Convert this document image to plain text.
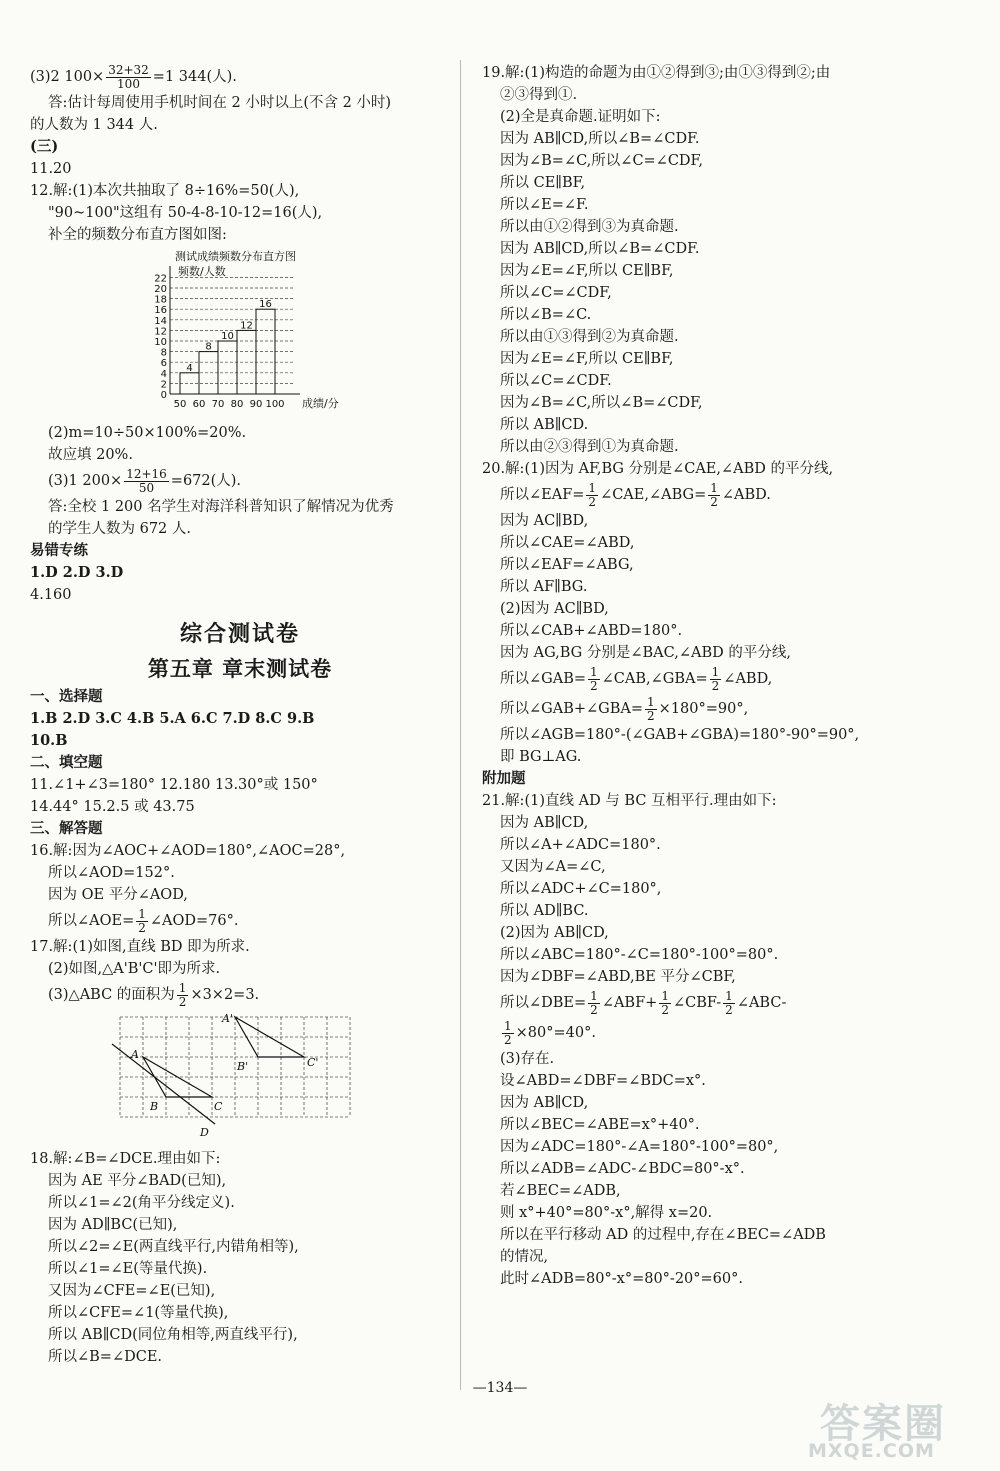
(3)2 $100\times \frac{32+32}{100} =1$ 344(人).
答:估计每周使用手机时间在 2 小时以上(不含 2 小时)
的人数为 1 344 人.
(三)
11.20
12.解:(1)本次共抽取了 8÷16%=50(人),
"90~100"这组有 50-4-8-10-12=16(人),
补全的频数分布直方图如图:
测试成绩频数分布直方图
频数/人数
0
2
4
6
8
10
12
14
16
18
20
22
4
8
10
12
16
50 60 70 80 90 100 成绩/分
(2)m=10÷50×100%=20%.
故应填 20%.
(3)1 $200\times \frac{12+16}{50} =672$(人).
答:全校 1 200 名学生对海洋科普知识了解情况为优秀
的学生人数为 672 人.
易错专练
1.D 2.D 3.D
4.160
综合测试卷
第五章 章末测试卷
一、选择题
1.B 2.D 3.C 4.B 5.A 6.C 7.D 8.C 9.B
10.B
二、填空题
11.∠1+∠3=180° 12.180 13.30°或 150°
14.44° 15.2.5 或 43.75
三、解答题
16.解:因为∠AOC+∠AOD=180°,∠AOC=28°,
所以∠AOD=152°.
因为 OE 平分∠AOD,
所以∠AOE= $\frac{1}{2}$ ∠AOD=76°.
17.解:(1)如图,直线 BD 即为所求.
(2)如图,△A'B'C'即为所求.
(3)△ABC 的面积为 $\frac{1}{2} \times 3\times 2=3$.
A
B	C
D
A'
B'	C'
18.解:∠B=∠DCE.理由如下:
因为 AE 平分∠BAD(已知),
所以∠1=∠2(角平分线定义).
因为 AD∥BC(已知),
所以∠2=∠E(两直线平行,内错角相等),
所以∠1=∠E(等量代换).
又因为∠CFE=∠E(已知),
所以∠CFE=∠1(等量代换),
所以 AB∥CD(同位角相等,两直线平行),
所以∠B=∠DCE.
19.解:(1)构造的命题为由①②得到③;由①③得到②;由
②③得到①.
(2)全是真命题.证明如下:
因为 AB∥CD,所以∠B=∠CDF.
因为∠B=∠C,所以∠C=∠CDF,
所以 CE∥BF,
所以∠E=∠F.
所以由①②得到③为真命题.
因为 AB∥CD,所以∠B=∠CDF.
因为∠E=∠F,所以 CE∥BF,
所以∠C=∠CDF,
所以∠B=∠C.
所以由①③得到②为真命题.
因为∠E=∠F,所以 CE∥BF,
所以∠C=∠CDF.
因为∠B=∠C,所以∠B=∠CDF,
所以 AB∥CD.
所以由②③得到①为真命题.
20.解:(1)因为 AF,BG 分别是∠CAE,∠ABD 的平分线,
所以∠EAF= $\frac{1}{2}$ ∠CAE,∠ABG= $\frac{1}{2}$ ∠ABD.
因为 AC∥BD,
所以∠CAE=∠ABD,
所以∠EAF=∠ABG,
所以 AF∥BG.
(2)因为 AC∥BD,
所以∠CAB+∠ABD=180°.
因为 AG,BG 分别是∠BAC,∠ABD 的平分线,
所以∠GAB= $\frac{1}{2}$ ∠CAB,∠GBA= $\frac{1}{2}$ ∠ABD,
所以∠GAB+∠GBA= $\frac{1}{2} \times 180^\circ=90^\circ$,
所以∠AGB=180°-(∠GAB+∠GBA)=180°-90°=90°,
即 BG⊥AG.
附加题
21.解:(1)直线 AD 与 BC 互相平行.理由如下:
因为 AB∥CD,
所以∠A+∠ADC=180°.
又因为∠A=∠C,
所以∠ADC+∠C=180°,
所以 AD∥BC.
(2)因为 AB∥CD,
所以∠ABC=180°-∠C=180°-100°=80°.
因为∠DBF=∠ABD,BE 平分∠CBF,
所以∠DBE= $\frac{1}{2}$ ∠ABF+ $\frac{1}{2}$ ∠CBF- $\frac{1}{2}$ ∠ABC-
$\frac{1}{2} \times 80^\circ=40^\circ$.
(3)存在.
设∠ABD=∠DBF=∠BDC=x°.
因为 AB∥CD,
所以∠BEC=∠ABE=x°+40°.
因为∠ADC=180°-∠A=180°-100°=80°,
所以∠ADB=∠ADC-∠BDC=80°-x°.
若∠BEC=∠ADB,
则 x°+40°=80°-x°,解得 x=20.
所以在平行移动 AD 的过程中,存在∠BEC=∠ADB
的情况,
此时∠ADB=80°-x°=80°-20°=60°.
—134—
答案圈
MXQE.COM
